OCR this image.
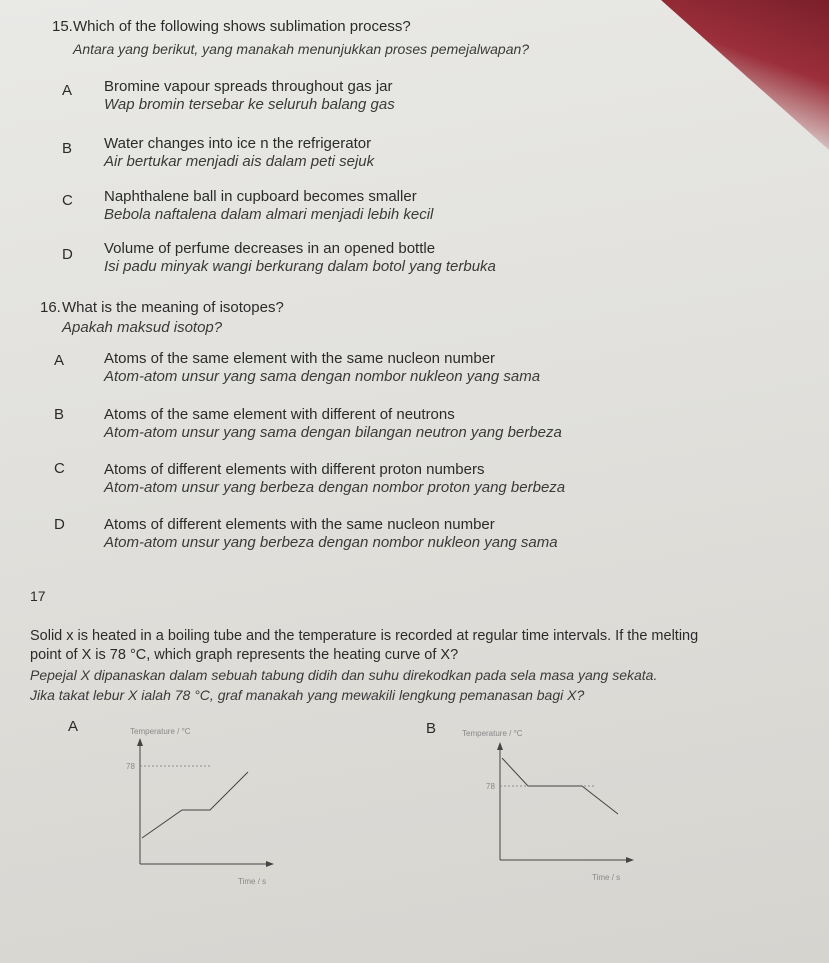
15. Which of the following shows sublimation process?
Antara yang berikut, yang manakah menunjukkan proses pemejalwapan?
A Bromine vapour spreads throughout gas jar
Wap bromin tersebar ke seluruh balang gas
B Water changes into ice n the refrigerator
Air bertukar menjadi ais dalam peti sejuk
C Naphthalene ball in cupboard becomes smaller
Bebola naftalena dalam almari menjadi lebih kecil
D Volume of perfume decreases in an opened bottle
Isi padu minyak wangi berkurang dalam botol yang terbuka
16. What is the meaning of isotopes?
Apakah maksud isotop?
A	Atoms of the same element with the same nucleon number
Atom-atom unsur yang sama dengan nombor nukleon yang sama
B	Atoms of the same element with different of neutrons
Atom-atom unsur yang sama dengan bilangan neutron yang berbeza
C	Atoms of different elements with different proton numbers
Atom-atom unsur yang berbeza dengan nombor proton yang berbeza
D	Atoms of different elements with the same nucleon number
Atom-atom unsur yang berbeza dengan nombor nukleon yang sama
17
Solid x is heated in a boiling tube and the temperature is recorded at regular time intervals. If the melting
point of X is 78 °C, which graph represents the heating curve of X?
Pepejal X dipanaskan dalam sebuah tabung didih dan suhu direkodkan pada sela masa yang sekata.
Jika takat lebur X ialah 78 °C, graf manakah yang mewakili lengkung pemanasan bagi X?
A	Temperature / °C
78
Time / s
B	Temperature / °C
78
Time / s
